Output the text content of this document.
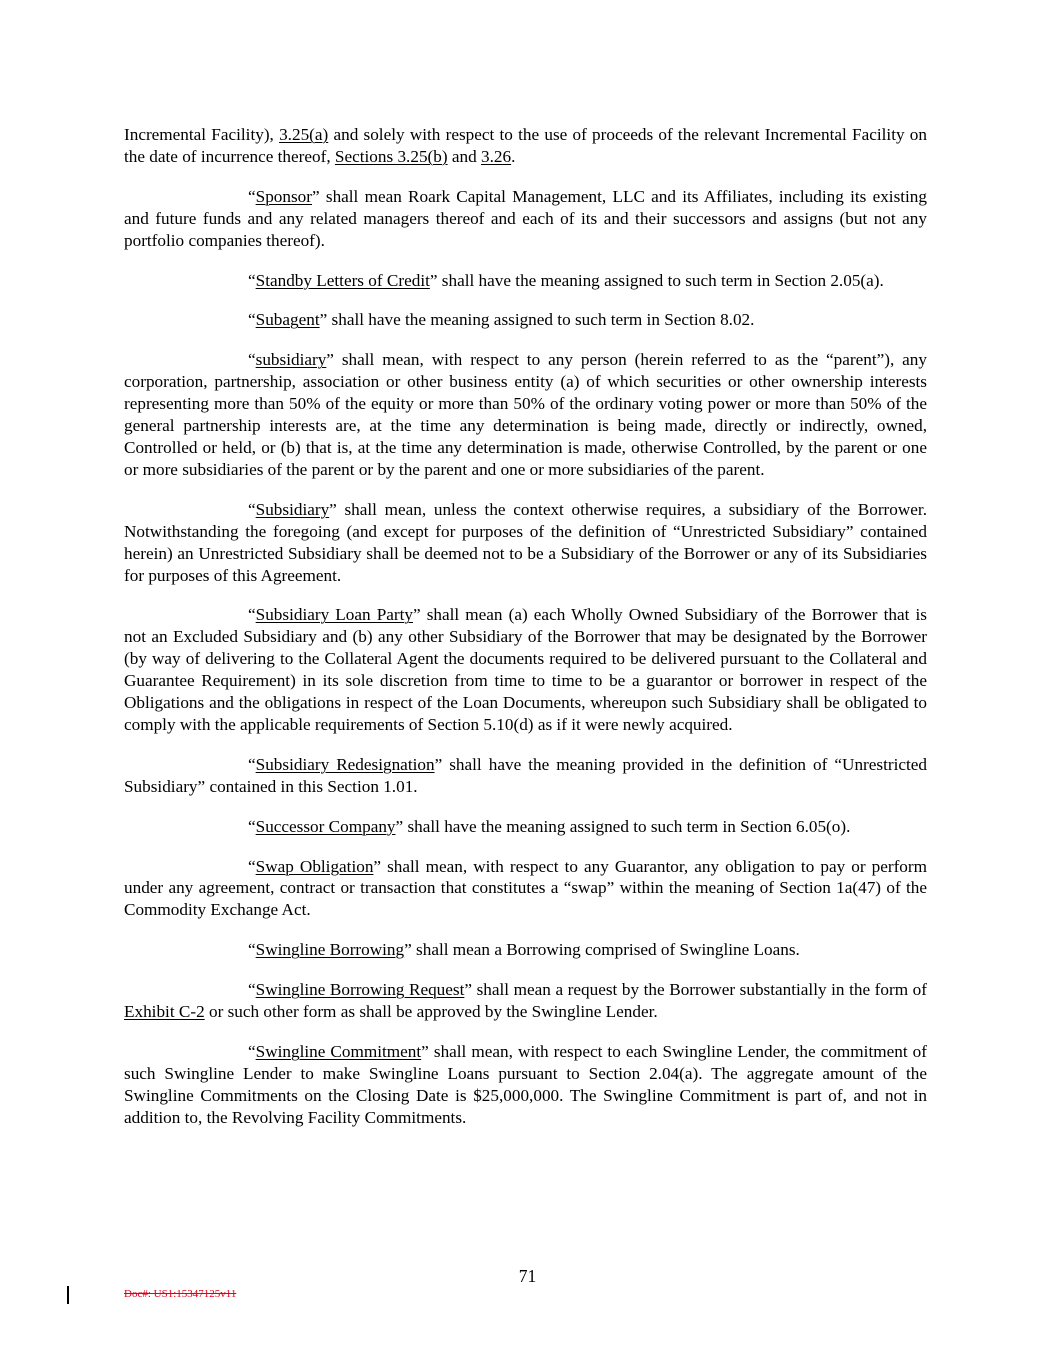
Incremental Facility), 3.25(a) and solely with respect to the use of proceeds of the relevant Incremental Facility on the date of incurrence thereof, Sections 3.25(b) and 3.26.

“Sponsor” shall mean Roark Capital Management, LLC and its Affiliates, including its existing and future funds and any related managers thereof and each of its and their successors and assigns (but not any portfolio companies thereof).

“Standby Letters of Credit” shall have the meaning assigned to such term in Section 2.05(a).

“Subagent” shall have the meaning assigned to such term in Section 8.02.

“subsidiary” shall mean, with respect to any person (herein referred to as the “parent”), any corporation, partnership, association or other business entity (a) of which securities or other ownership interests representing more than 50% of the equity or more than 50% of the ordinary voting power or more than 50% of the general partnership interests are, at the time any determination is being made, directly or indirectly, owned, Controlled or held, or (b) that is, at the time any determination is made, otherwise Controlled, by the parent or one or more subsidiaries of the parent or by the parent and one or more subsidiaries of the parent.

“Subsidiary” shall mean, unless the context otherwise requires, a subsidiary of the Borrower. Notwithstanding the foregoing (and except for purposes of the definition of “Unrestricted Subsidiary” contained herein) an Unrestricted Subsidiary shall be deemed not to be a Subsidiary of the Borrower or any of its Subsidiaries for purposes of this Agreement.

“Subsidiary Loan Party” shall mean (a) each Wholly Owned Subsidiary of the Borrower that is not an Excluded Subsidiary and (b) any other Subsidiary of the Borrower that may be designated by the Borrower (by way of delivering to the Collateral Agent the documents required to be delivered pursuant to the Collateral and Guarantee Requirement) in its sole discretion from time to time to be a guarantor or borrower in respect of the Obligations and the obligations in respect of the Loan Documents, whereupon such Subsidiary shall be obligated to comply with the applicable requirements of Section 5.10(d) as if it were newly acquired.

“Subsidiary Redesignation” shall have the meaning provided in the definition of “Unrestricted Subsidiary” contained in this Section 1.01.

“Successor Company” shall have the meaning assigned to such term in Section 6.05(o).

“Swap Obligation” shall mean, with respect to any Guarantor, any obligation to pay or perform under any agreement, contract or transaction that constitutes a “swap” within the meaning of Section 1a(47) of the Commodity Exchange Act.

“Swingline Borrowing” shall mean a Borrowing comprised of Swingline Loans.

“Swingline Borrowing Request” shall mean a request by the Borrower substantially in the form of Exhibit C-2 or such other form as shall be approved by the Swingline Lender.

“Swingline Commitment” shall mean, with respect to each Swingline Lender, the commitment of such Swingline Lender to make Swingline Loans pursuant to Section 2.04(a). The aggregate amount of the Swingline Commitments on the Closing Date is $25,000,000. The Swingline Commitment is part of, and not in addition to, the Revolving Facility Commitments.

71
Doc#: US1:15347125v11
